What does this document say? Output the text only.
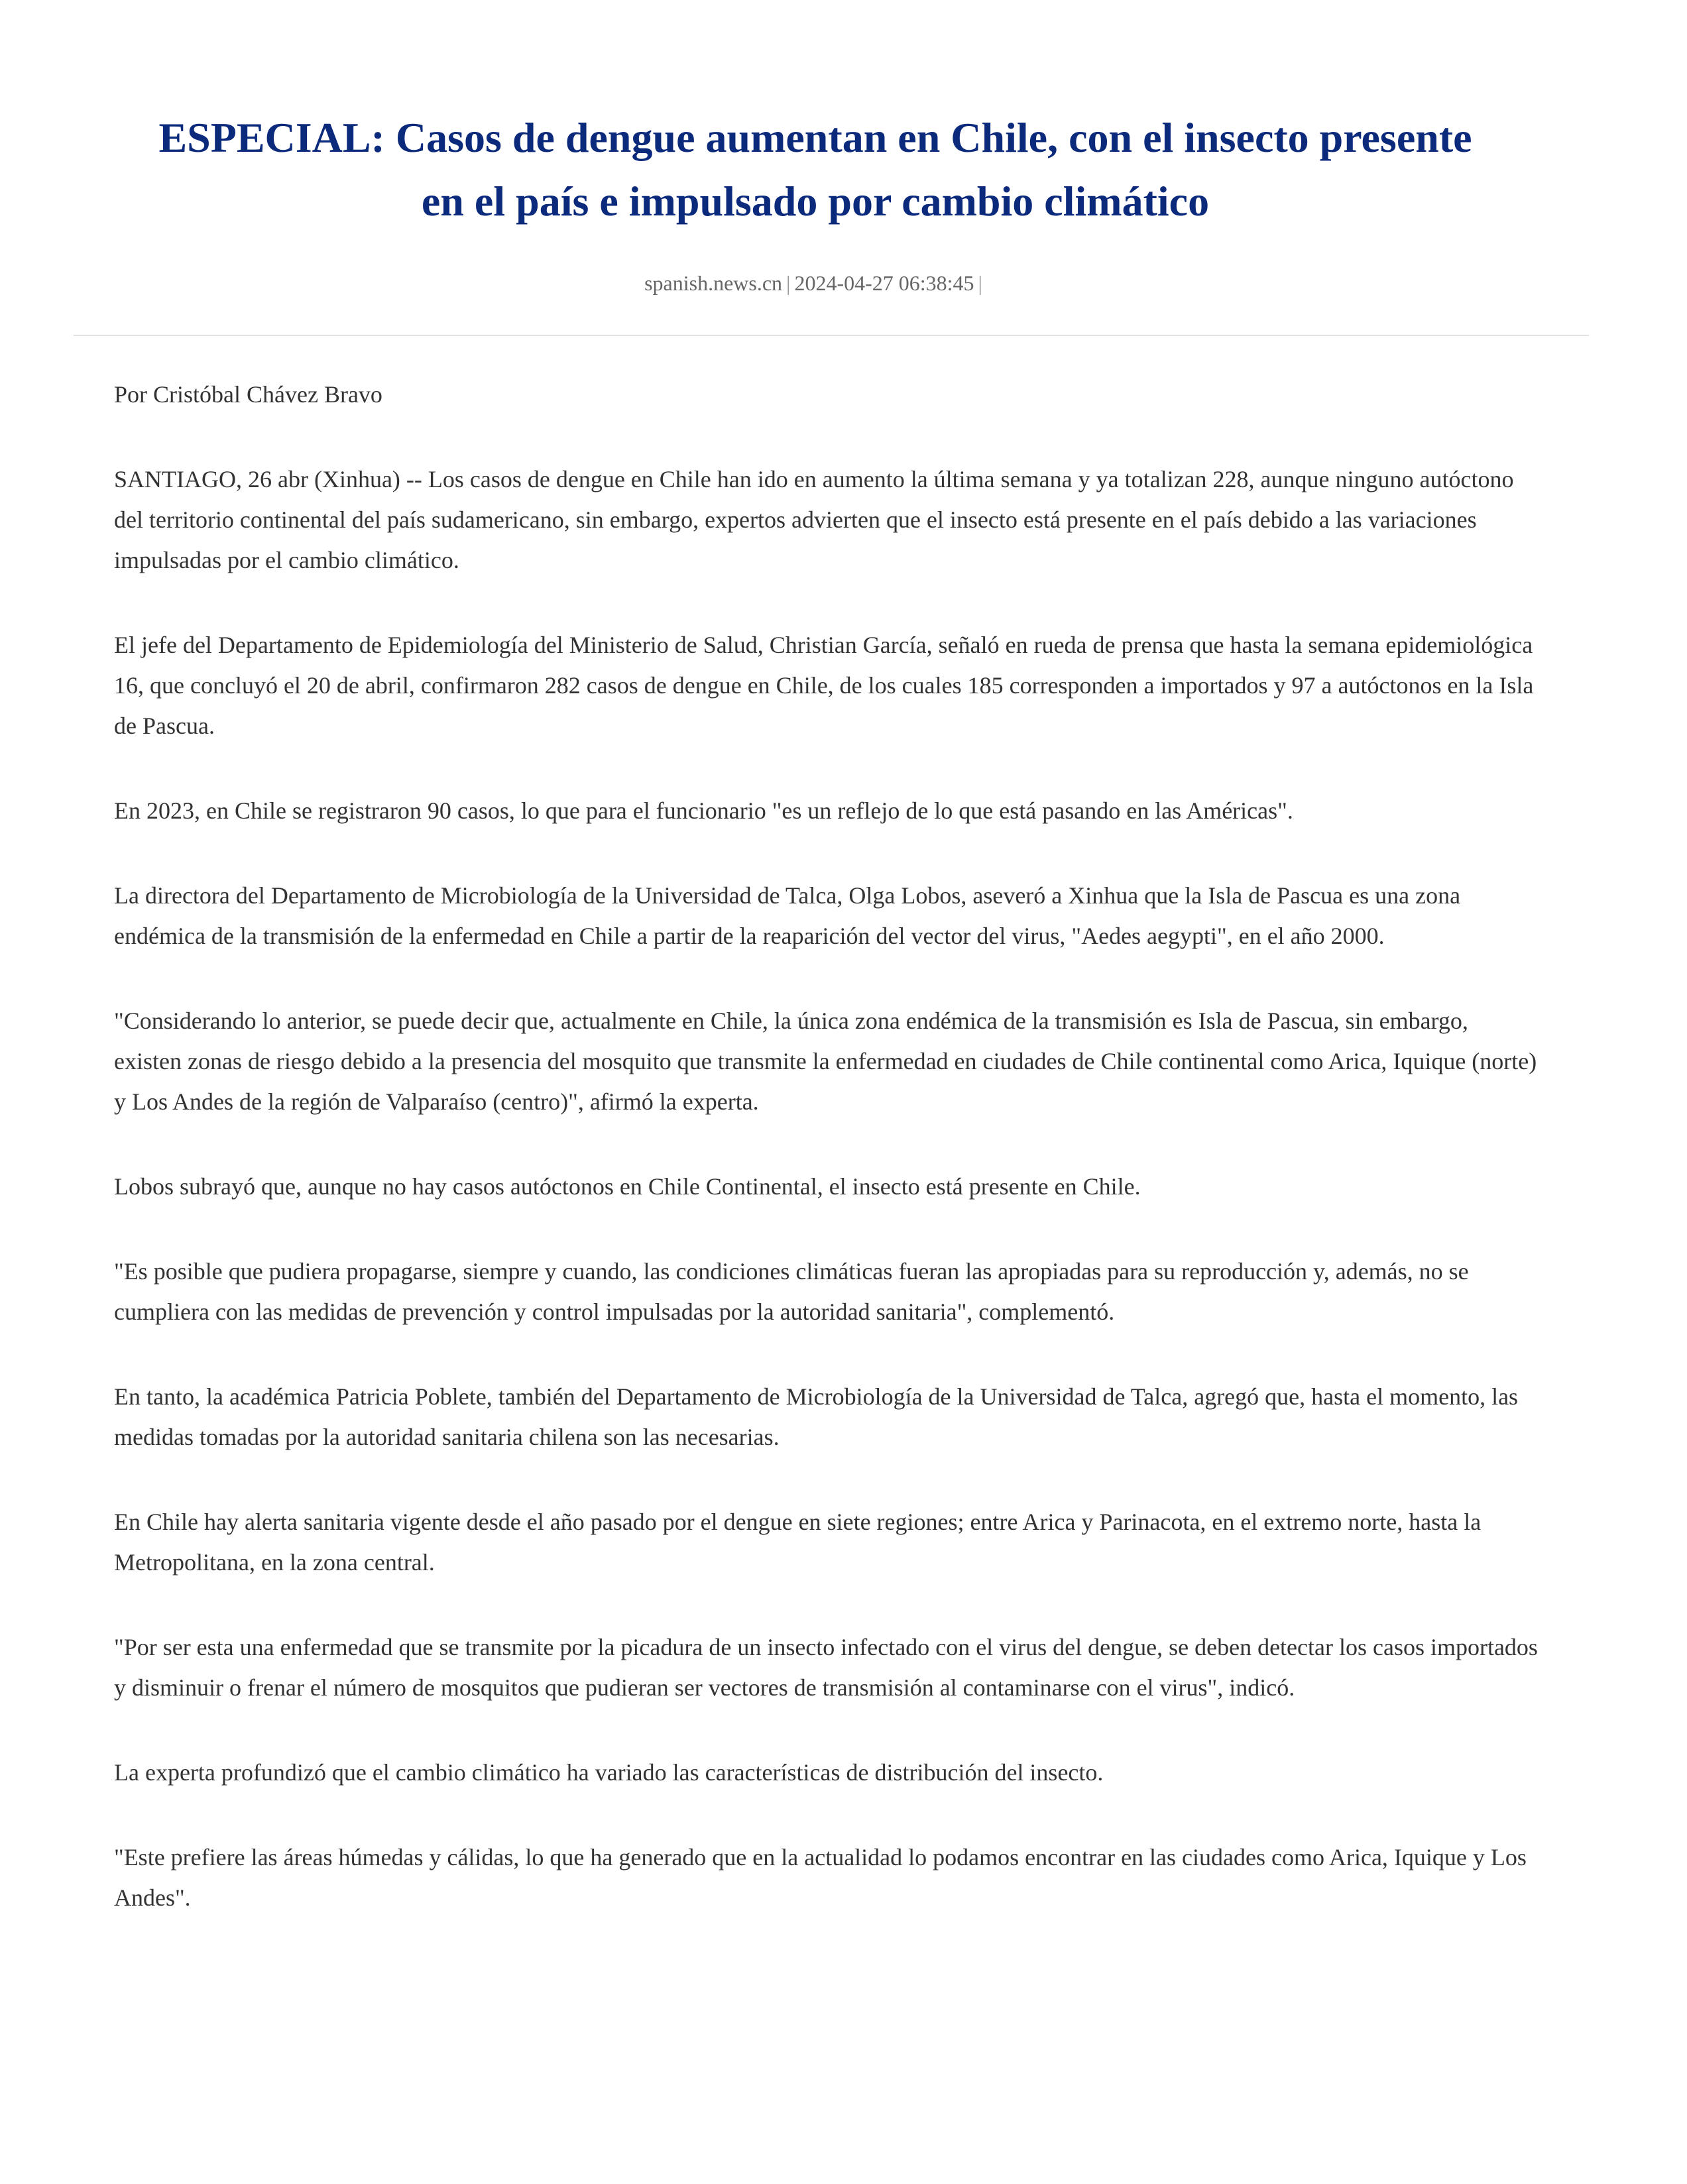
ESPECIAL: Casos de dengue aumentan en Chile, con el insecto presente
en el país e impulsado por cambio climático
spanish.news.cn | 2024-04-27 06:38:45 |

Por Cristóbal Chávez Bravo

SANTIAGO, 26 abr (Xinhua) -- Los casos de dengue en Chile han ido en aumento la última semana y ya totalizan 228, aunque ninguno autóctono del territorio continental del país sudamericano, sin embargo, expertos advierten que el insecto está presente en el país debido a las variaciones impulsadas por el cambio climático.

El jefe del Departamento de Epidemiología del Ministerio de Salud, Christian García, señaló en rueda de prensa que hasta la semana epidemiológica 16, que concluyó el 20 de abril, confirmaron 282 casos de dengue en Chile, de los cuales 185 corresponden a importados y 97 a autóctonos en la Isla de Pascua.

En 2023, en Chile se registraron 90 casos, lo que para el funcionario "es un reflejo de lo que está pasando en las Américas".

La directora del Departamento de Microbiología de la Universidad de Talca, Olga Lobos, aseveró a Xinhua que la Isla de Pascua es una zona endémica de la transmisión de la enfermedad en Chile a partir de la reaparición del vector del virus, "Aedes aegypti", en el año 2000.

"Considerando lo anterior, se puede decir que, actualmente en Chile, la única zona endémica de la transmisión es Isla de Pascua, sin embargo, existen zonas de riesgo debido a la presencia del mosquito que transmite la enfermedad en ciudades de Chile continental como Arica, Iquique (norte) y Los Andes de la región de Valparaíso (centro)", afirmó la experta.

Lobos subrayó que, aunque no hay casos autóctonos en Chile Continental, el insecto está presente en Chile.

"Es posible que pudiera propagarse, siempre y cuando, las condiciones climáticas fueran las apropiadas para su reproducción y, además, no se cumpliera con las medidas de prevención y control impulsadas por la autoridad sanitaria", complementó.

En tanto, la académica Patricia Poblete, también del Departamento de Microbiología de la Universidad de Talca, agregó que, hasta el momento, las medidas tomadas por la autoridad sanitaria chilena son las necesarias.

En Chile hay alerta sanitaria vigente desde el año pasado por el dengue en siete regiones; entre Arica y Parinacota, en el extremo norte, hasta la Metropolitana, en la zona central.

"Por ser esta una enfermedad que se transmite por la picadura de un insecto infectado con el virus del dengue, se deben detectar los casos importados y disminuir o frenar el número de mosquitos que pudieran ser vectores de transmisión al contaminarse con el virus", indicó.

La experta profundizó que el cambio climático ha variado las características de distribución del insecto.

"Este prefiere las áreas húmedas y cálidas, lo que ha generado que en la actualidad lo podamos encontrar en las ciudades como Arica, Iquique y Los Andes".
